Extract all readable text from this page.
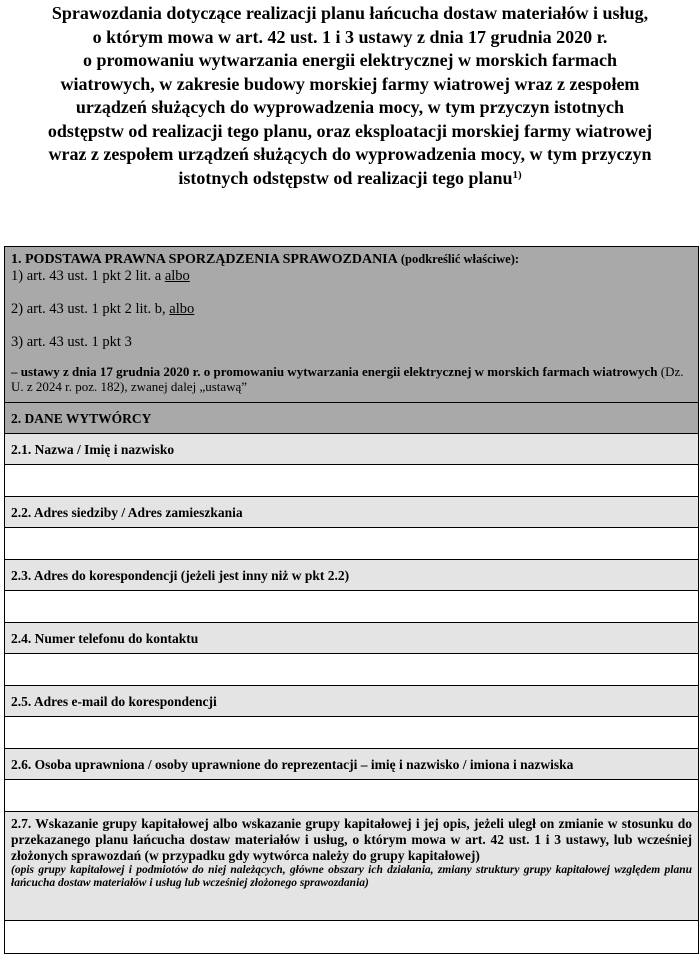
Sprawozdania dotyczące realizacji planu łańcucha dostaw materiałów i usług,
o którym mowa w art. 42 ust. 1 i 3 ustawy z dnia 17 grudnia 2020 r.
o promowaniu wytwarzania energii elektrycznej w morskich farmach
wiatrowych, w zakresie budowy morskiej farmy wiatrowej wraz z zespołem
urządzeń służących do wyprowadzenia mocy, w tym przyczyn istotnych
odstępstw od realizacji tego planu, oraz eksploatacji morskiej farmy wiatrowej
wraz z zespołem urządzeń służących do wyprowadzenia mocy, w tym przyczyn
istotnych odstępstw od realizacji tego planu$^{1)}$
1. PODSTAWA PRAWNA SPORZĄDZENIA SPRAWOZDANIA (podkreślić właściwe):
1) art. 43 ust. 1 pkt 2 lit. a albo
2) art. 43 ust. 1 pkt 2 lit. b, albo
3) art. 43 ust. 1 pkt 3
– ustawy z dnia 17 grudnia 2020 r. o promowaniu wytwarzania energii elektrycznej w morskich farmach wiatrowych (Dz. U. z 2024 r. poz. 182), zwanej dalej „ustawą”
2. DANE WYTWÓRCY
2.1. Nazwa / Imię i nazwisko
2.2. Adres siedziby / Adres zamieszkania
2.3. Adres do korespondencji (jeżeli jest inny niż w pkt 2.2)
2.4. Numer telefonu do kontaktu
2.5. Adres e-mail do korespondencji
2.6. Osoba uprawniona / osoby uprawnione do reprezentacji – imię i nazwisko / imiona i nazwiska
2.7. Wskazanie grupy kapitałowej albo wskazanie grupy kapitałowej i jej opis, jeżeli uległ on zmianie w stosunku do przekazanego planu łańcucha dostaw materiałów i usług, o którym mowa w art. 42 ust. 1 i 3 ustawy, lub wcześniej złożonych sprawozdań (w przypadku gdy wytwórca należy do grupy kapitałowej)
(opis grupy kapitałowej i podmiotów do niej należących, główne obszary ich działania, zmiany struktury grupy kapitałowej względem planu łańcucha dostaw materiałów i usług lub wcześniej złożonego sprawozdania)
